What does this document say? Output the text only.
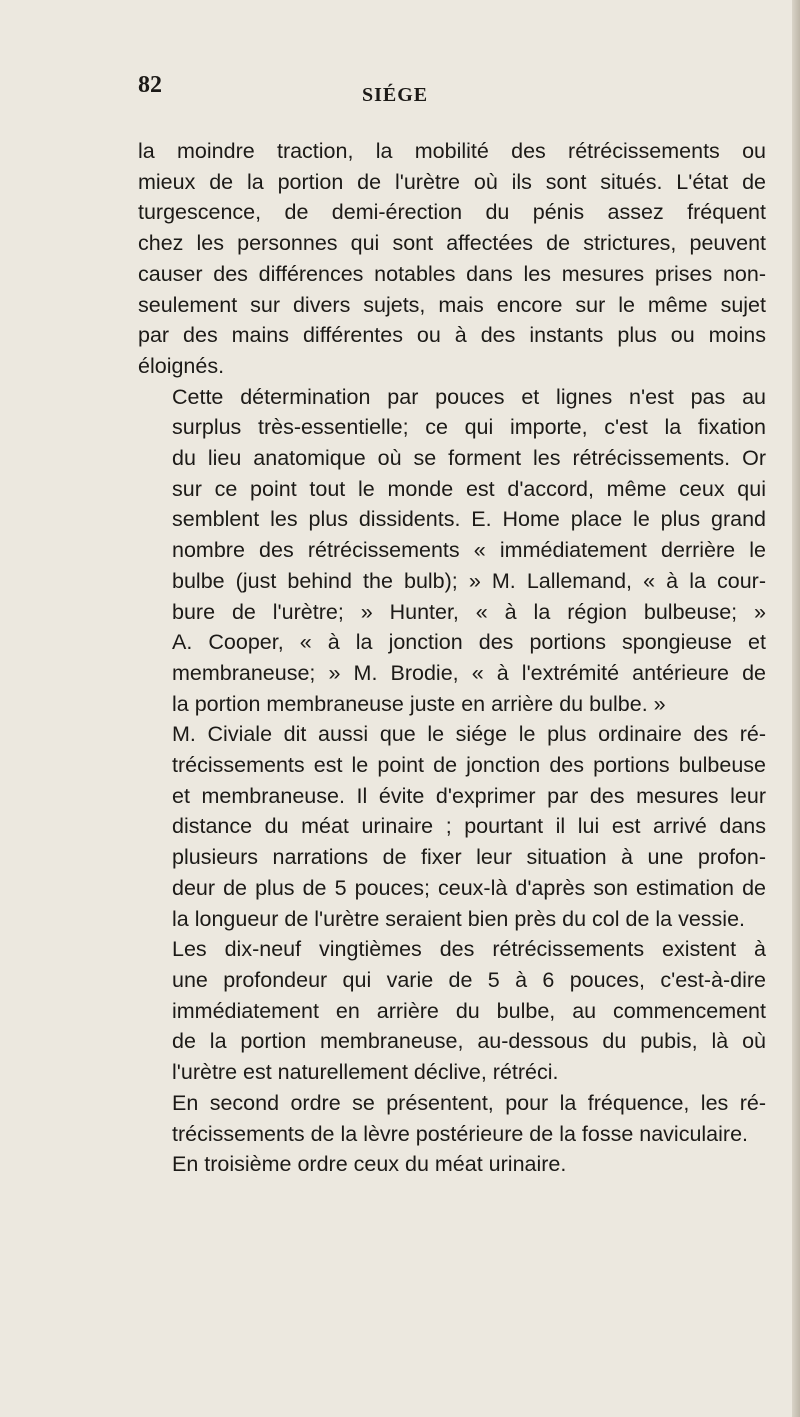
82	SIÉGE

la moindre traction, la mobilité des rétrécissements ou
mieux de la portion de l'urètre où ils sont situés. L'état de
turgescence, de demi-érection du pénis assez fréquent
chez les personnes qui sont affectées de strictures, peuvent
causer des différences notables dans les mesures prises non-
seulement sur divers sujets, mais encore sur le même sujet
par des mains différentes ou à des instants plus ou moins
éloignés.

Cette détermination par pouces et lignes n'est pas au
surplus très-essentielle; ce qui importe, c'est la fixation
du lieu anatomique où se forment les rétrécissements. Or
sur ce point tout le monde est d'accord, même ceux qui
semblent les plus dissidents. E. Home place le plus grand
nombre des rétrécissements « immédiatement derrière le
bulbe (just behind the bulb); » M. Lallemand, « à la cour-
bure de l'urètre; » Hunter, « à la région bulbeuse; »
A. Cooper, « à la jonction des portions spongieuse et
membraneuse; » M. Brodie, « à l'extrémité antérieure de
la portion membraneuse juste en arrière du bulbe. »

M. Civiale dit aussi que le siége le plus ordinaire des ré-
trécissements est le point de jonction des portions bulbeuse
et membraneuse. Il évite d'exprimer par des mesures leur
distance du méat urinaire ; pourtant il lui est arrivé dans
plusieurs narrations de fixer leur situation à une profon-
deur de plus de 5 pouces; ceux-là d'après son estimation de
la longueur de l'urètre seraient bien près du col de la vessie.

Les dix-neuf vingtièmes des rétrécissements existent à
une profondeur qui varie de 5 à 6 pouces, c'est-à-dire
immédiatement en arrière du bulbe, au commencement
de la portion membraneuse, au-dessous du pubis, là où
l'urètre est naturellement déclive, rétréci.

En second ordre se présentent, pour la fréquence, les ré-
trécissements de la lèvre postérieure de la fosse naviculaire.

En troisième ordre ceux du méat urinaire.
